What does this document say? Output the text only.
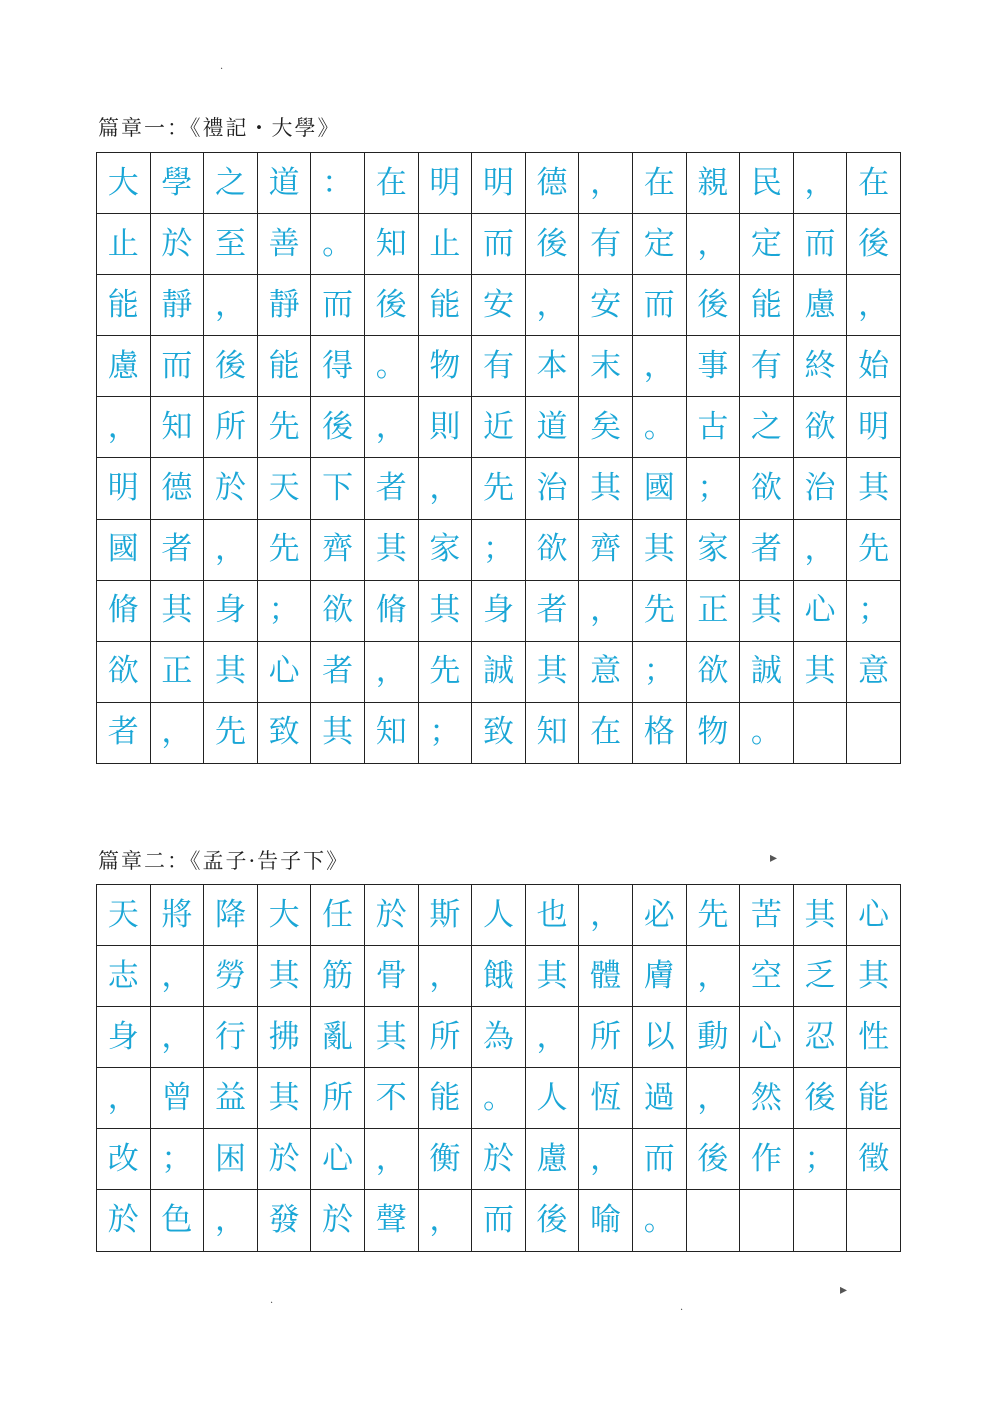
篇章一：《禮記・大學》
大 學 之 道 ： 在 明 明 德 ， 在 親 民 ， 在
止 於 至 善 。 知 止 而 後 有 定 ， 定 而 後
能 靜 ， 靜 而 後 能 安 ， 安 而 後 能 慮 ，
慮 而 後 能 得 。 物 有 本 末 ， 事 有 終 始
， 知 所 先 後 ， 則 近 道 矣 。 古 之 欲 明
明 德 於 天 下 者 ， 先 治 其 國 ； 欲 治 其
國 者 ， 先 齊 其 家 ； 欲 齊 其 家 者 ， 先
脩 其 身 ； 欲 脩 其 身 者 ， 先 正 其 心 ；
欲 正 其 心 者 ， 先 誠 其 意 ； 欲 誠 其 意
者 ， 先 致 其 知 ； 致 知 在 格 物 。
篇章二：《孟子·告子下》
天 將 降 大 任 於 斯 人 也 ， 必 先 苦 其 心
志 ， 勞 其 筋 骨 ， 餓 其 體 膚 ， 空 乏 其
身 ， 行 拂 亂 其 所 為 ， 所 以 動 心 忍 性
， 曾 益 其 所 不 能 。 人 恆 過 ， 然 後 能
改 ； 困 於 心 ， 衡 於 慮 ， 而 後 作 ； 徵
於 色 ， 發 於 聲 ， 而 後 喻 。
·
▸
▸
·
·
